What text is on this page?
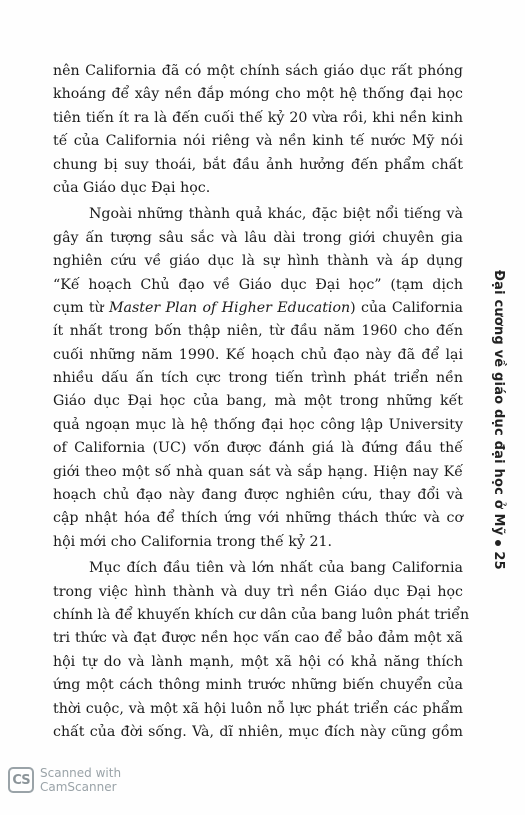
nên California đã có một chính sách giáo dục rất phóng
khoáng để xây nền đắp móng cho một hệ thống đại học
tiên tiến ít ra là đến cuối thế kỷ 20 vừa rồi, khi nền kinh
tế của California nói riêng và nền kinh tế nước Mỹ nói
chung bị suy thoái, bắt đầu ảnh hưởng đến phẩm chất
của Giáo dục Đại học.
Ngoài những thành quả khác, đặc biệt nổi tiếng và
gây ấn tượng sâu sắc và lâu dài trong giới chuyên gia
nghiên cứu về giáo dục là sự hình thành và áp dụng
“Kế hoạch Chủ đạo về Giáo dục Đại học” (tạm dịch
cụm từ Master Plan of Higher Education) của California
ít nhất trong bốn thập niên, từ đầu năm 1960 cho đến
cuối những năm 1990. Kế hoạch chủ đạo này đã để lại
nhiều dấu ấn tích cực trong tiến trình phát triển nền
Giáo dục Đại học của bang, mà một trong những kết
quả ngoạn mục là hệ thống đại học công lập University
of California (UC) vốn được đánh giá là đứng đầu thế
giới theo một số nhà quan sát và sắp hạng. Hiện nay Kế
hoạch chủ đạo này đang được nghiên cứu, thay đổi và
cập nhật hóa để thích ứng với những thách thức và cơ
hội mới cho California trong thế kỷ 21.
Mục đích đầu tiên và lớn nhất của bang California
trong việc hình thành và duy trì nền Giáo dục Đại học
chính là để khuyến khích cư dân của bang luôn phát triển
tri thức và đạt được nền học vấn cao để bảo đảm một xã
hội tự do và lành mạnh, một xã hội có khả năng thích
ứng một cách thông minh trước những biến chuyển của
thời cuộc, và một xã hội luôn nỗ lực phát triển các phẩm
chất của đời sống. Và, dĩ nhiên, mục đích này cũng gồm
Đại cương về giáo dục đại học ở Mỹ25
CS Scanned with
CamScanner
